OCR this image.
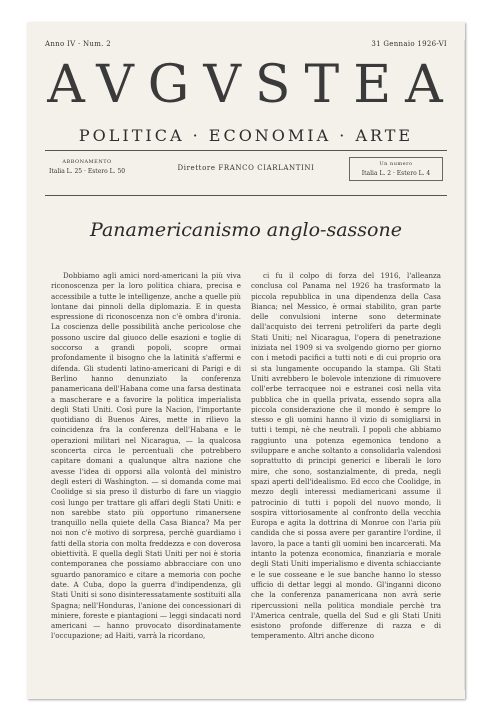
Anno IV · Num. 2	31 Gennaio 1926-VI
AVGVSTEA
POLITICA · ECONOMIA · ARTE
ABBONAMENTO
Italia L. 25 · Estero L. 50	Direttore FRANCO CIARLANTINI	Un numero
Italia L. 2 · Estero L. 4
Panamericanismo anglo-sassone

Dobbiamo agli amici nord-americani la più viva riconoscenza per la loro politica chiara, precisa e accessibile a tutte le intelligenze, anche a quelle più lontane dai pinnoli della diplomazia. E in questa espressione di riconoscenza non c'è ombra d'ironia. La coscienza delle possibilità anche pericolose che possono uscire dal giuoco delle esazioni e toglie di soccorso a grandi popoli, scopre ormai profondamente il bisogno che la latinità s'affermi e difenda. Gli studenti latino-americani di Parigi e di Berlino hanno denunziato la conferenza panamericana dell'Habana come una farsa destinata a mascherare e a favorire la politica imperialista degli Stati Uniti. Così pure la Nacion, l'importante quotidiano di Buenos Aires, mette in rilievo la coincidenza fra la conferenza dell'Habana e le operazioni militari nel Nicaragua, — la qualcosa sconcerta circa le percentuali che potrebbero capitare domani a qualunque altra nazione che avesse l'idea di opporsi alla volontà del ministro degli esteri di Washington. — si domanda come mai Coolidge si sia preso il disturbo di fare un viaggio così lungo per trattare gli affari degli Stati Uniti: e non sarebbe stato più opportuno rimanersene tranquillo nella quiete della Casa Bianca? Ma per noi non c'è motivo di sorpresa, perchè guardiamo i fatti della storia con molta freddezza e con doverosa obiettività. E quella degli Stati Uniti per noi è storia contemporanea che possiamo abbracciare con uno sguardo panoramico e citare a memoria con poche date. A Cuba, dopo la guerra d'indipendenza, gli Stati Uniti si sono disinteressatamente sostituiti alla Spagna; nell'Honduras, l'anione dei concessionari di miniere, foreste e piantagioni — leggi sindacati nord americani — hanno provocato disordinatamente l'occupazione; ad Haiti, varrà la ricordano,

ci fu il colpo di forza del 1916, l'alleanza conclusa col Panama nel 1926 ha trasformato la piccola repubblica in una dipendenza della Casa Bianca; nel Messico, è ormai stabilito, gran parte delle convulsioni interne sono determinate dall'acquisto dei terreni petroliferi da parte degli Stati Uniti; nel Nicaragua, l'opera di penetrazione iniziata nel 1909 si va svolgendo giorno per giorno con i metodi pacifici a tutti noti e di cui proprio ora si sta lungamente occupando la stampa. Gli Stati Uniti avrebbero le bolevole intenzione di rimuovere coll'erbe terracquee noi e estranei così nella vita pubblica che in quella privata, essendo sopra alla piccola considerazione che il mondo è sempre lo stesso e gli uomini hanno il vizio di somigliarsi in tutti i tempi, nè che neutrali. I popoli che abbiamo raggiunto una potenza egemonica tendono a sviluppare e anche soltanto a consolidarla valendosi soprattutto di principi generici e liberali le loro mire, che sono, sostanzialmente, di preda, negli spazi aperti dell'idealismo. Ed ecco che Coolidge, in mezzo degli interessi mediamericani assume il patrocinio di tutti i popoli del nuovo mondo, li sospira vittoriosamente al confronto della vecchia Europa e agita la dottrina di Monroe con l'aria più candida che si possa avere per garantire l'ordine, il lavoro, la pace a tanti gli uomini ben incarcerati. Ma intanto la potenza economica, finanziaria e morale degli Stati Uniti imperialismo e diventa schiacciante e le sue cosseane e le sue banche hanno lo stesso ufficio di dettar leggi al mondo. Gl'inganni dicono che la conferenza panamericana non avrà serie ripercussioni nella politica mondiale perchè tra l'America centrale, quella del Sud e gli Stati Uniti esistono profonde differenze di razza e di temperamento. Altri anche dicono
